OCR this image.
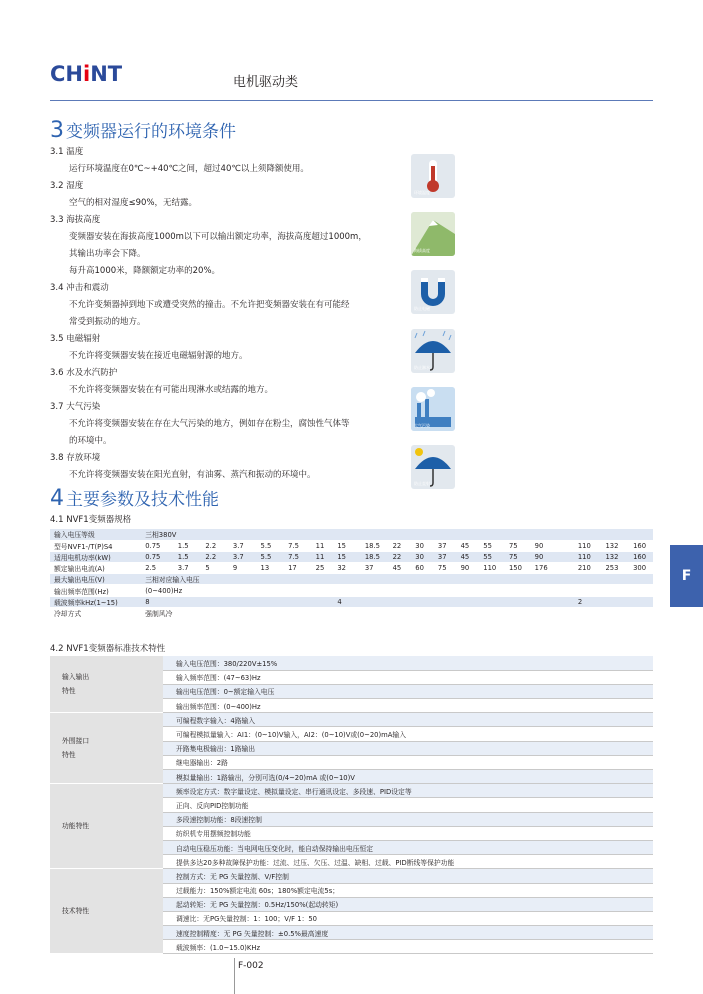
CHiNT	电机驱动类
3 变频器运行的环境条件
3.1 温度
运行环境温度在0℃~+40℃之间，超过40℃以上须降额使用。
3.2 湿度
空气的相对湿度≤90%，无结露。
3.3 海拔高度
变频器安装在海拔高度1000m以下可以输出额定功率，海拔高度超过1000m，
其输出功率会下降。
每升高1000米，降额额定功率的20%。
3.4 冲击和震动
不允许变频器掉到地下或遭受突然的撞击。不允许把变频器安装在有可能经
常受到振动的地方。
3.5 电磁辐射
不允许将变频器安装在接近电磁辐射源的地方。
3.6 水及水汽防护
不允许将变频器安装在有可能出现淋水或结露的地方。
3.7 大气污染
不允许将变频器安装在存在大气污染的地方，例如存在粉尘，腐蚀性气体等
的环境中。
3.8 存放环境
不允许将变频器安装在阳光直射，有油雾、蒸汽和振动的环境中。
环境温度
海拔高度
防止电磁
防止淋水
大气污染
防止直射
4 主要参数及技术性能
4.1 NVF1变频器规格
输入电压等级	三相380V																		
型号NVF1-/T(P)S4	0.75	1.5	2.2	3.7	5.5	7.5	11	15	18.5	22	30	37	45	55	75	90	110	132	160
适用电机功率(kW)	0.75	1.5	2.2	3.7	5.5	7.5	11	15	18.5	22	30	37	45	55	75	90	110	132	160
额定输出电流(A)	2.5	3.7	5	9	13	17	25	32	37	45	60	75	90	110	150	176	210	253	300
最大输出电压(V)	三相对应输入电压																		
输出频率范围(Hz)	(0~400)Hz																		
载波频率kHz(1~15)	8							4									2		
冷却方式	强制风冷																		
4.2 NVF1变频器标准技术特性
输入输出
特性	输入电压范围：380/220V±15%
	输入频率范围：(47~63)Hz
	输出电压范围：0~额定输入电压
	输出频率范围：(0~400)Hz

外围接口
特性	可编程数字输入：4路输入
	可编程模拟量输入：AI1：(0~10)V输入，AI2：(0~10)V或(0~20)mA输入
	开路集电极输出：1路输出
	继电器输出：2路
	模拟量输出：1路输出，分别可选(0/4~20)mA 或(0~10)V

功能特性	频率设定方式：数字量设定、模拟量设定、串行通讯设定、多段速、PID设定等
	正向、反向PID控制功能
	多段速控制功能：8段速控制
	纺织机专用摆频控制功能
	自动电压稳压功能：当电网电压变化时，能自动保持输出电压恒定
	提供多达20多种故障保护功能：过流、过压、欠压、过温、缺相、过载、PID断线等保护功能

技术特性	控制方式：无 PG 矢量控制、V/F控制
	过载能力：150%额定电流 60s；180%额定电流5s；
	起动转矩：无 PG 矢量控制：0.5Hz/150%(起动转矩)
	调速比：无PG矢量控制：1：100；V/F 1：50
	速度控制精度：无 PG 矢量控制：±0.5%最高速度
	载波频率：(1.0~15.0)KHz
F
F-002
